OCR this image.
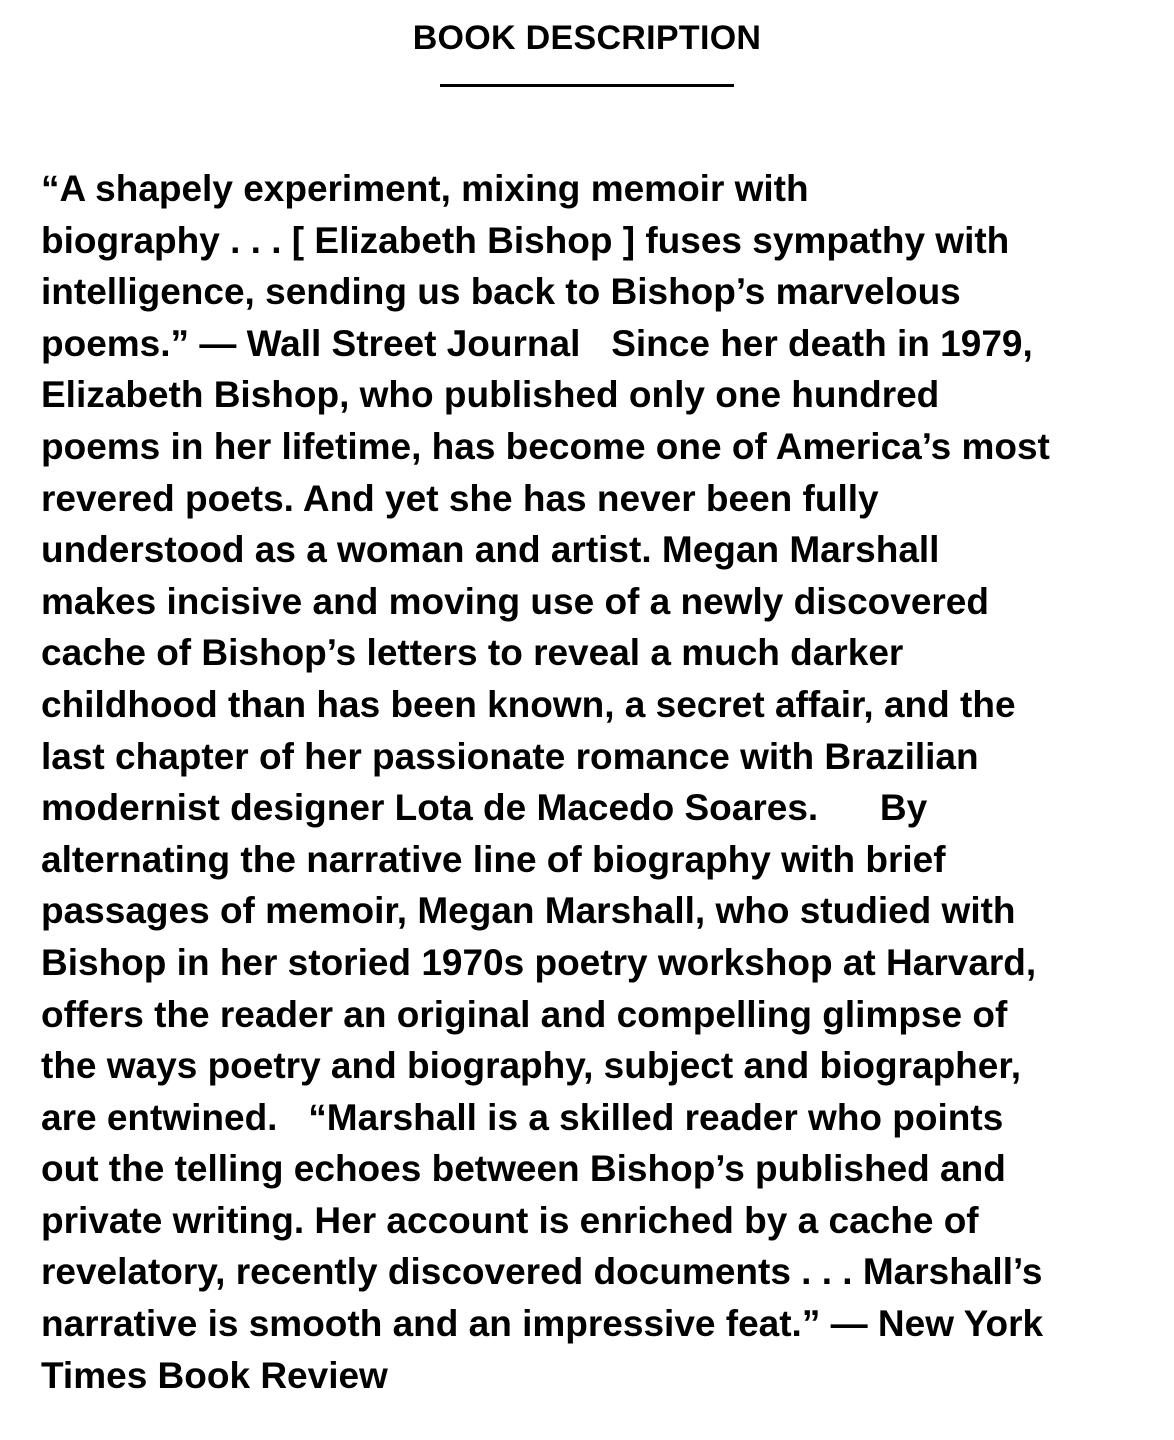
BOOK DESCRIPTION
“A shapely experiment, mixing memoir with
biography . . . [ Elizabeth Bishop ] fuses sympathy with
intelligence, sending us back to Bishop’s marvelous
poems.” — Wall Street Journal   Since her death in 1979,
Elizabeth Bishop, who published only one hundred
poems in her lifetime, has become one of America’s most
revered poets. And yet she has never been fully
understood as a woman and artist. Megan Marshall
makes incisive and moving use of a newly discovered
cache of Bishop’s letters to reveal a much darker
childhood than has been known, a secret affair, and the
last chapter of her passionate romance with Brazilian
modernist designer Lota de Macedo Soares.      By
alternating the narrative line of biography with brief
passages of memoir, Megan Marshall, who studied with
Bishop in her storied 1970s poetry workshop at Harvard,
offers the reader an original and compelling glimpse of
the ways poetry and biography, subject and biographer,
are entwined.   “Marshall is a skilled reader who points
out the telling echoes between Bishop’s published and
private writing. Her account is enriched by a cache of
revelatory, recently discovered documents . . . Marshall’s
narrative is smooth and an impressive feat.” — New York
Times Book Review
